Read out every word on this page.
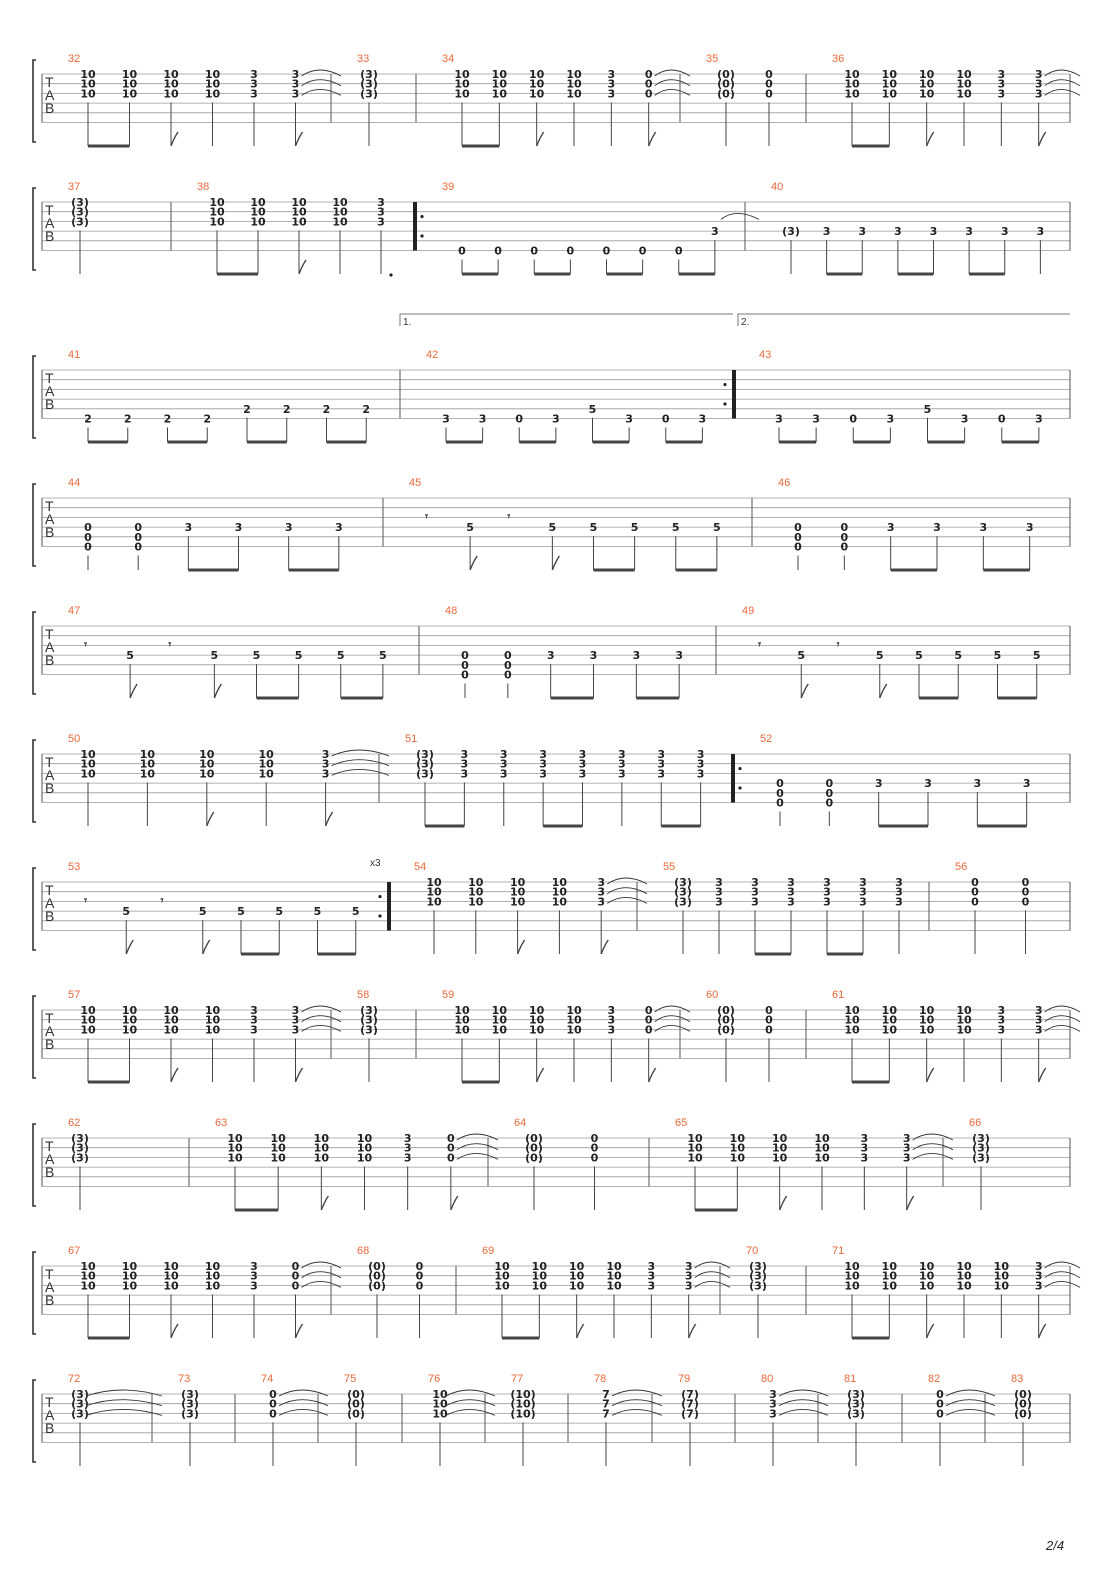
T
A
B
32
10
10
10
10
10
10
10
10
10
10
10
10
3
3
3
3
3
3
33
(3)
(3)
(3)
34
10
10
10
10
10
10
10
10
10
10
10
10
3
3
3
0
0
0
35
(0)
(0)
(0)
0
0
0
36
10
10
10
10
10
10
10
10
10
10
10
10
3
3
3
3
3
3
T
A
B
37
(3)
(3)
(3)
38
10
10
10
10
10
10
10
10
10
10
10
10
3
3
3
39
0	0	0	0	0	0	0
3
40
(3) 3	3	3	3	3	3	3
T
A
B
41
2	2	2	2
2	2	2	2
42
3	3	0	3
5
3	0	3
43
3	3	0	3
5
3	0	3
1.	2.
T
A
B
44
0
0
0
0
0
0
3	3	3	3
45
𝄾
5
𝄾
5	5	5	5	5
46
0
0
0
0
0
0
3	3	3	3
T
A
B
47
𝄾
5
𝄾
5	5	5	5	5
48
0
0
0
0
0
0
3	3	3	3
49
𝄾
5
𝄾
5	5	5	5	5
T
A
B
50
10
10
10
10
10
10
10
10
10
10
10
10
3
3
3
51
(3)
(3)
(3)
3
3
3
3
3
3
3
3
3
3
3
3
3
3
3
3
3
3
3
3
3
52
0
0
0
0
0
0
3	3	3	3
T
A
B
53
𝄾
5
𝄾
5	5	5	5	5
54
10
10
10
10
10
10
10
10
10
10
10
10
3
3
3
55
(3)
(3)
(3)
3
3
3
3
3
3
3
3
3
3
3
3
3
3
3
3
3
3
56
0
0
0
0
0
0
x3
T
A
B
57
10
10
10
10
10
10
10
10
10
10
10
10
3
3
3
3
3
3
58
(3)
(3)
(3)
59
10
10
10
10
10
10
10
10
10
10
10
10
3
3
3
0
0
0
60
(0)
(0)
(0)
0
0
0
61
10
10
10
10
10
10
10
10
10
10
10
10
3
3
3
3
3
3
T
A
B
62
(3)
(3)
(3)
63
10
10
10
10
10
10
10
10
10
10
10
10
3
3
3
0
0
0
64
(0)
(0)
(0)
0
0
0
65
10
10
10
10
10
10
10
10
10
10
10
10
3
3
3
3
3
3
66
(3)
(3)
(3)
T
A
B
67
10
10
10
10
10
10
10
10
10
10
10
10
3
3
3
0
0
0
68
(0)
(0)
(0)
0
0
0
69
10
10
10
10
10
10
10
10
10
10
10
10
3
3
3
3
3
3
70
(3)
(3)
(3)
71
10
10
10
10
10
10
10
10
10
10
10
10
10
10
10
3
3
3
T
A
B
72
(3)
(3)
(3)
73
(3)
(3)
(3)
74
0
0
0
75
(0)
(0)
(0)
76
10
10
10
77
(10)
(10)
(10)
78
7
7
7
79
(7)
(7)
(7)
80
3
3
3
81
(3)
(3)
(3)
82
0
0
0
83
(0)
(0)
(0)
2/4
